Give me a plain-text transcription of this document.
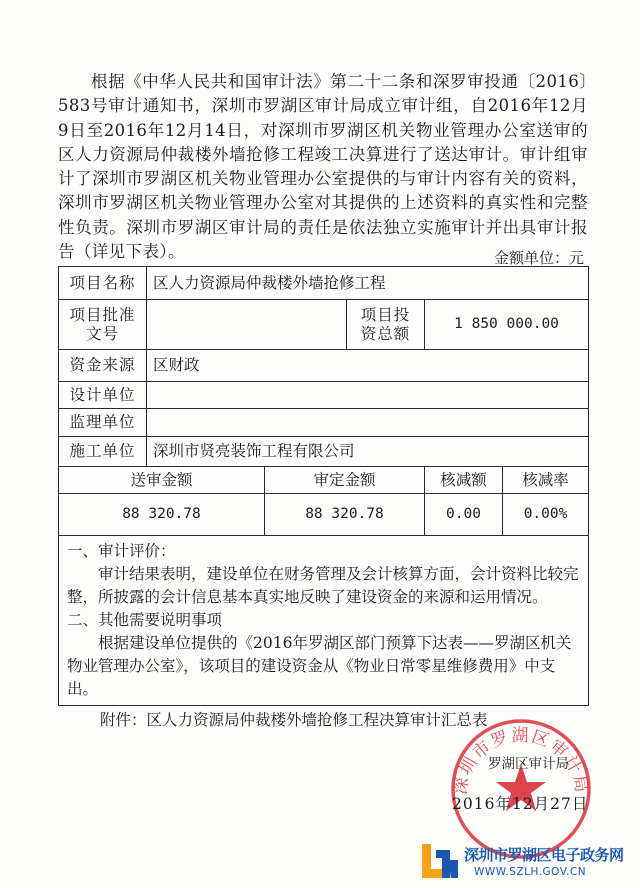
根据《中华人民共和国审计法》第二十二条和深罗审投通〔2016〕583号审计通知书，深圳市罗湖区审计局成立审计组，自2016年12月9日至2016年12月14日，对深圳市罗湖区机关物业管理办公室送审的区人力资源局仲裁楼外墙抢修工程竣工决算进行了送达审计。审计组审计了深圳市罗湖区机关物业管理办公室提供的与审计内容有关的资料，深圳市罗湖区机关物业管理办公室对其提供的上述资料的真实性和完整性负责。深圳市罗湖区审计局的责任是依法独立实施审计并出具审计报告（详见下表）。	金额单位：元
项目名称	区人力资源局仲裁楼外墙抢修工程				
项目批准文号			项目投资总额	1 850 000.00	
资金来源	区财政				
设计单位					
监理单位					
施工单位	深圳市贤亮装饰工程有限公司				
送审金额		审定金额		核减额	核减率
88 320.78		88 320.78		0.00	0.00%

一、审计评价：

审计结果表明，建设单位在财务管理及会计核算方面，会计资料比较完整，所披露的会计信息基本真实地反映了建设资金的来源和运用情况。

二、其他需要说明事项

根据建设单位提供的《2016年罗湖区部门预算下达表——罗湖区机关物业管理办公室》，该项目的建设资金从《物业日常零星维修费用》中支出。					

附件：区人力资源局仲裁楼外墙抢修工程决算审计汇总表
深圳市罗湖区审计局
罗湖区审计局
2016年12月27日
深圳市罗湖区电子政务网
WWW.SZLH.GOV.CN
